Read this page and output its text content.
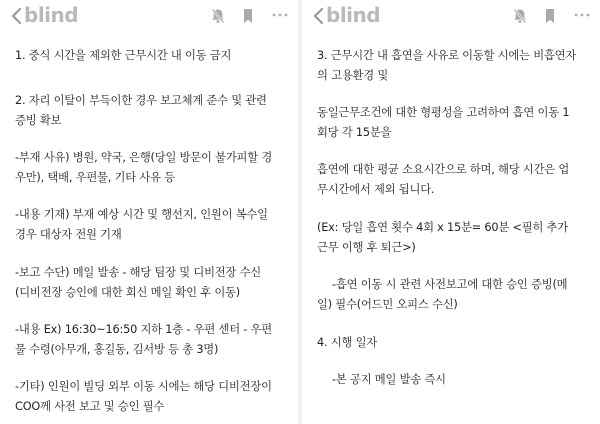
blind
1. 중식 시간을 제외한 근무시간 내 이동 금지
2. 자리 이탈이 부득이한 경우 보고체계 준수 및 관련
증빙 확보
-부재 사유) 병원, 약국, 은행(당일 방문이 불가피할 경
우만), 택배, 우편물, 기타 사유 등
-내용 기재) 부재 예상 시간 및 행선지, 인원이 복수일
경우 대상자 전원 기재
-보고 수단) 메일 발송 - 해당 팀장 및 디비전장 수신
(디비전장 승인에 대한 회신 메일 확인 후 이동)
-내용 Ex) 16:30~16:50 지하 1층 - 우편 센터 - 우편
물 수령(아무개, 홍길동, 김서방 등 총 3명)
-기타) 인원이 빌딩 외부 이동 시에는 해당 디비전장이
COO께 사전 보고 및 승인 필수
blind
3. 근무시간 내 흡연을 사유로 이동할 시에는 비흡연자
의 고용환경 및
동일근무조건에 대한 형평성을 고려하여 흡연 이동 1
회당 각 15분을
흡연에 대한 평균 소요시간으로 하며, 해당 시간은 업
무시간에서 제외 됩니다.
(Ex: 당일 흡연 횟수 4회 x 15분= 60분 <필히 추가
근무 이행 후 퇴근>)
-흡연 이동 시 관련 사전보고에 대한 승인 증빙(메
일) 필수(어드민 오피스 수신)
4. 시행 일자
-본 공지 메일 발송 즉시
